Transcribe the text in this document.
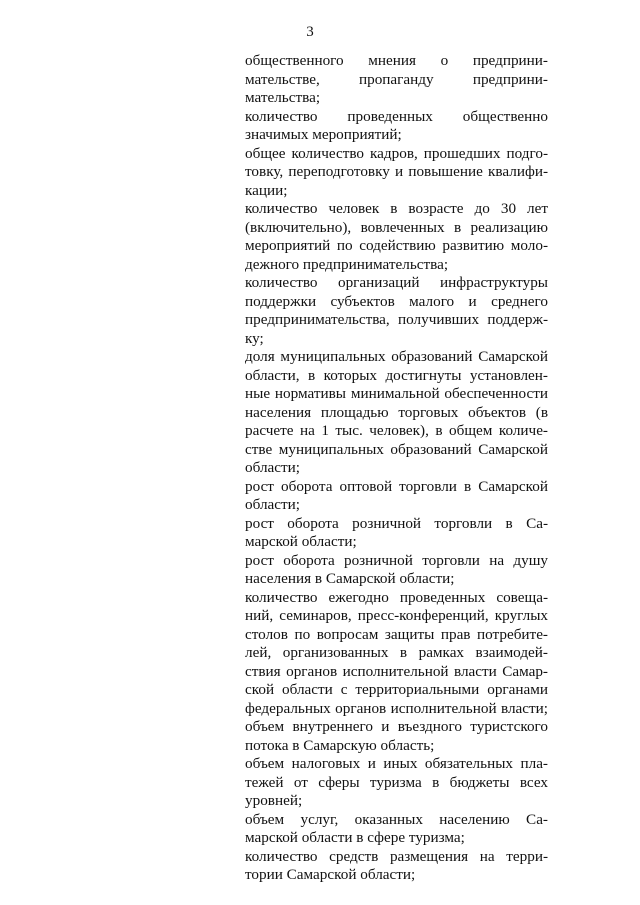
3
общественного мнения о предприни-
мательстве, пропаганду предприни-
мательства;
количество проведенных общественно
значимых мероприятий;
общее количество кадров, прошедших подго-
товку, переподготовку и повышение квалифи-
кации;
количество человек в возрасте до 30 лет
(включительно), вовлеченных в реализацию
мероприятий по содействию развитию моло-
дежного предпринимательства;
количество организаций инфраструктуры
поддержки субъектов малого и среднего
предпринимательства, получивших поддерж-
ку;
доля муниципальных образований Самарской
области, в которых достигнуты установлен-
ные нормативы минимальной обеспеченности
населения площадью торговых объектов (в
расчете на 1 тыс. человек), в общем количе-
стве муниципальных образований Самарской
области;
рост оборота оптовой торговли в Самарской
области;
рост оборота розничной торговли в Са-
марской области;
рост оборота розничной торговли на душу
населения в Самарской области;
количество ежегодно проведенных совеща-
ний, семинаров, пресс-конференций, круглых
столов по вопросам защиты прав потребите-
лей, организованных в рамках взаимодей-
ствия органов исполнительной власти Самар-
ской области с территориальными органами
федеральных органов исполнительной власти;
объем внутреннего и въездного туристского
потока в Самарскую область;
объем налоговых и иных обязательных пла-
тежей от сферы туризма в бюджеты всех
уровней;
объем услуг, оказанных населению Са-
марской области в сфере туризма;
количество средств размещения на терри-
тории Самарской области;
